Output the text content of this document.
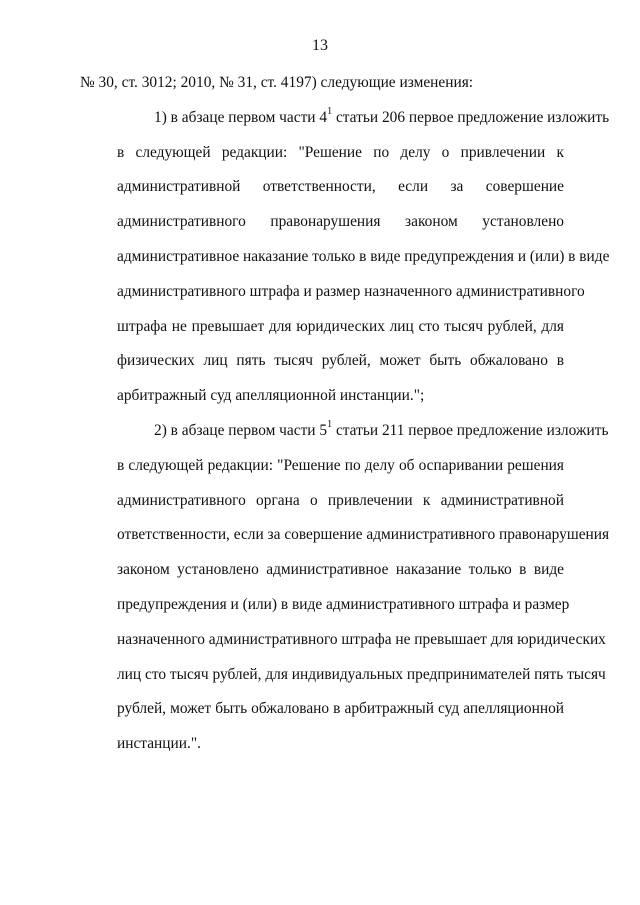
13

№ 30, ст. 3012; 2010, № 31, ст. 4197) следующие изменения:

1) в абзаце первом части $4^1$ статьи 206 первое предложение изложить
в следующей редакции: "Решение по делу о привлечении к
административной ответственности, если за совершение
административного правонарушения законом установлено
административное наказание только в виде предупреждения и (или) в виде
административного штрафа и размер назначенного административного
штрафа не превышает для юридических лиц сто тысяч рублей, для
физических лиц пять тысяч рублей, может быть обжаловано в
арбитражный суд апелляционной инстанции.";

2) в абзаце первом части $5^1$ статьи 211 первое предложение изложить
в следующей редакции: "Решение по делу об оспаривании решения
административного органа о привлечении к административной
ответственности, если за совершение административного правонарушения
законом установлено административное наказание только в виде
предупреждения и (или) в виде административного штрафа и размер
назначенного административного штрафа не превышает для юридических
лиц сто тысяч рублей, для индивидуальных предпринимателей пять тысяч
рублей, может быть обжаловано в арбитражный суд апелляционной
инстанции.".
